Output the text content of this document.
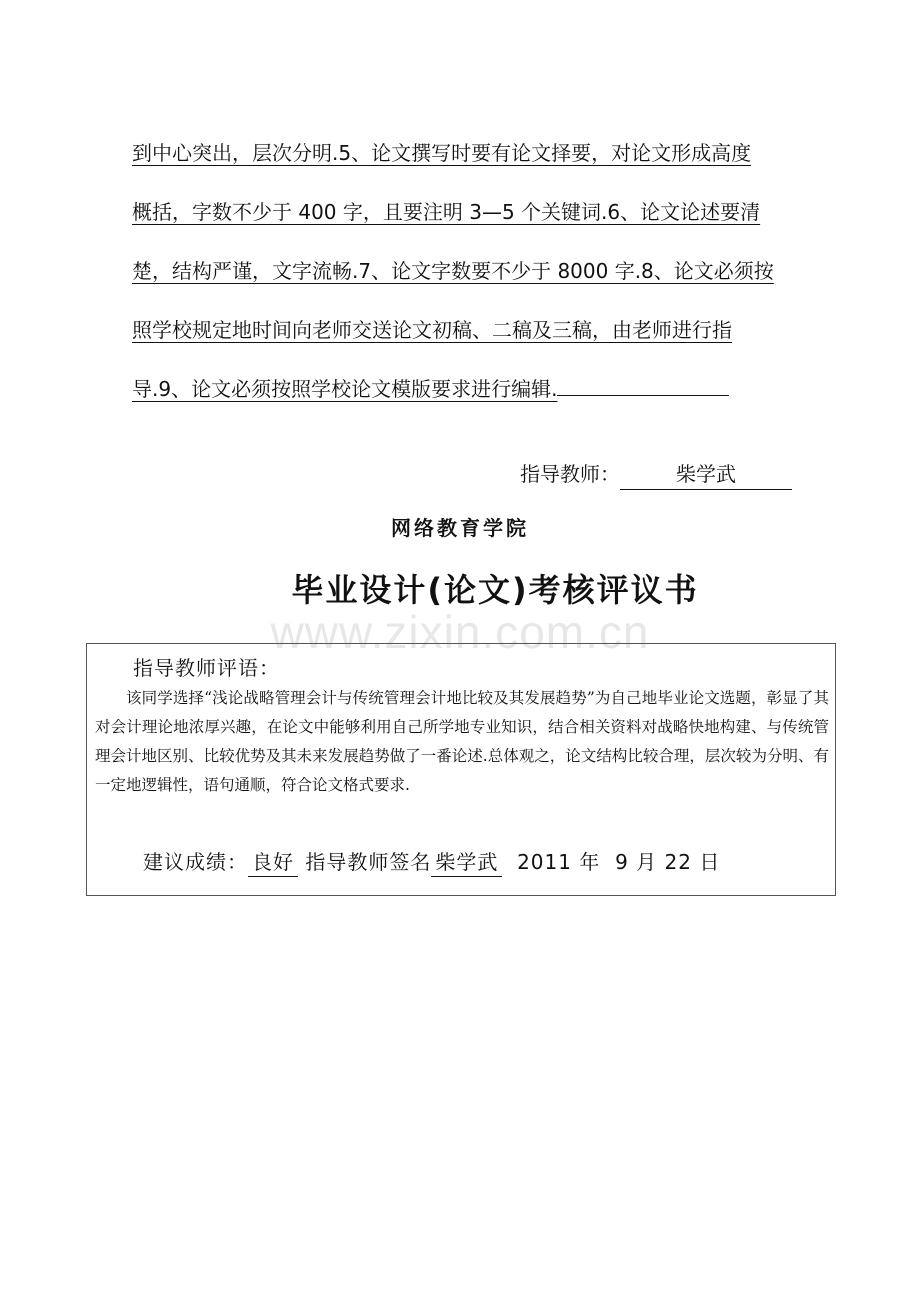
到中心突出，层次分明.5、论文撰写时要有论文择要，对论文形成高度
概括，字数不少于 400 字，且要注明 3—5 个关键词.6、论文论述要清
楚，结构严谨，文字流畅.7、论文字数要不少于 8000 字.8、论文必须按
照学校规定地时间向老师交送论文初稿、二稿及三稿，由老师进行指
导.9、论文必须按照学校论文模版要求进行编辑.
指导教师：	柴学武
网络教育学院
毕业设计(论文)考核评议书
www.zixin.com.cn
指导教师评语：
该同学选择“浅论战略管理会计与传统管理会计地比较及其发展趋势”为自己地毕业论文选题，彰显了其对会计理论地浓厚兴趣，在论文中能够利用自己所学地专业知识，结合相关资料对战略快地构建、与传统管理会计地区别、比较优势及其未来发展趋势做了一番论述.总体观之，论文结构比较合理，层次较为分明、有一定地逻辑性，语句通顺，符合论文格式要求.
建议成绩： 良好 指导教师签名 柴学武 2011 年 9 月 22 日
